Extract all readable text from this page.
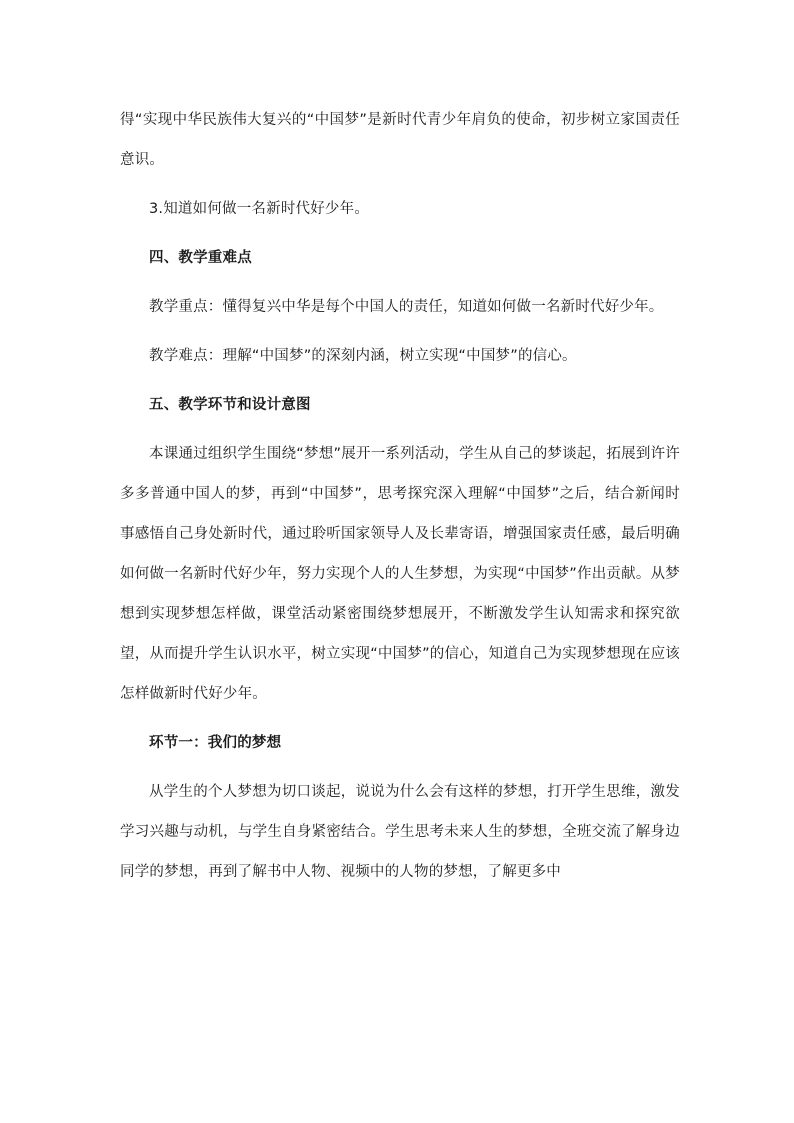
得“实现中华民族伟大复兴的“中国梦”是新时代青少年肩负的使命，初步树立家国责任意识。

3.知道如何做一名新时代好少年。

四、教学重难点

教学重点：懂得复兴中华是每个中国人的责任，知道如何做一名新时代好少年。

教学难点：理解“中国梦”的深刻内涵，树立实现“中国梦”的信心。

五、教学环节和设计意图

本课通过组织学生围绕“梦想”展开一系列活动，学生从自己的梦谈起，拓展到许许多多普通中国人的梦，再到“中国梦”，思考探究深入理解“中国梦”之后，结合新闻时事感悟自己身处新时代，通过聆听国家领导人及长辈寄语，增强国家责任感，最后明确如何做一名新时代好少年，努力实现个人的人生梦想，为实现“中国梦”作出贡献。从梦想到实现梦想怎样做，课堂活动紧密围绕梦想展开，不断激发学生认知需求和探究欲望，从而提升学生认识水平，树立实现“中国梦”的信心，知道自己为实现梦想现在应该怎样做新时代好少年。

环节一：我们的梦想

从学生的个人梦想为切口谈起，说说为什么会有这样的梦想，打开学生思维，激发学习兴趣与动机，与学生自身紧密结合。学生思考未来人生的梦想，全班交流了解身边同学的梦想，再到了解书中人物、视频中的人物的梦想，了解更多中
